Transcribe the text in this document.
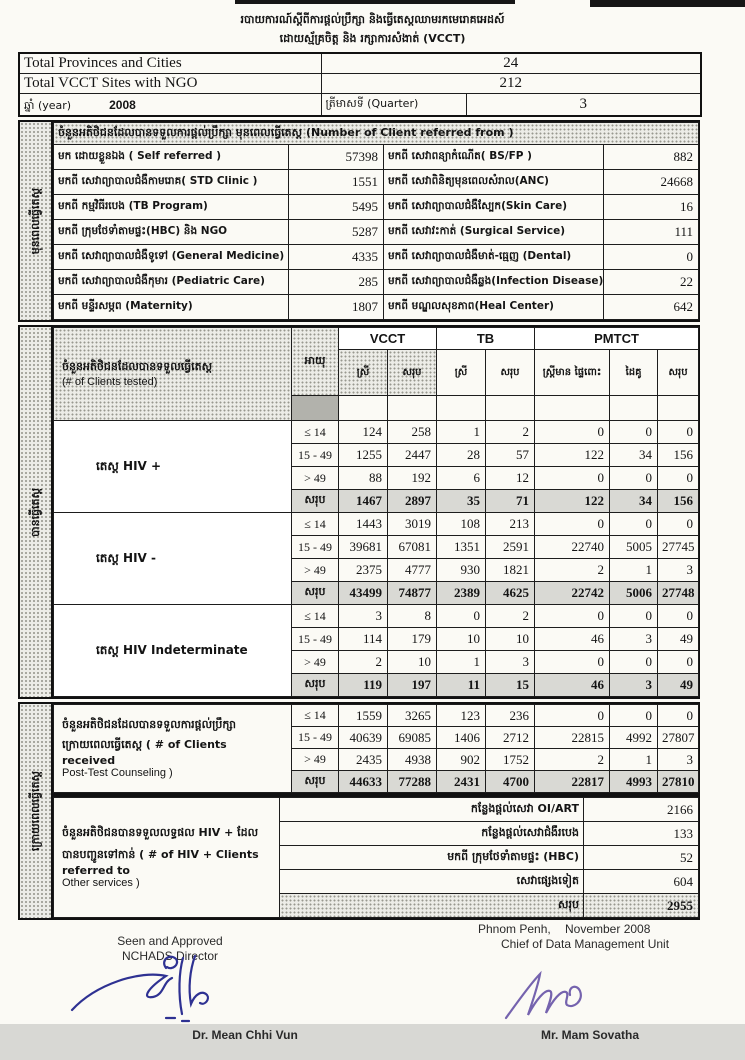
របាយការណ៍ស្តីពីការផ្តល់ប្រឹក្សា និងធ្វើតេស្តឈាមរកមេរោគអេដស៍
ដោយស្ម័គ្រចិត្ត និង រក្សាការសំងាត់ (VCCT)
Total Provinces and Cities	24	
Total VCCT Sites with NGO	212	
ឆ្នាំ (year) 2008	ត្រីមាសទី (Quarter)	3
មុនពេលធ្វើតេស្ត
ចំនួនអតិថិជនដែលបានទទួលការផ្តល់ប្រឹក្សា មុនពេលធ្វើតេស្ត (Number of Client referred from )			
មក ដោយខ្លួនឯង ( Self referred )	57398	មកពី សេវាពន្យាកំណើត( BS/FP )	882
មកពី សេវាព្យាបាលជំងឺកាមរោគ( STD Clinic )	1551	មកពី សេវាពិនិត្យមុនពេលសំរាល(ANC)	24668
មកពី កម្មវិធីរបេង (TB Program)	5495	មកពី សេវាព្យាបាលជំងឺស្បែក(Skin Care)	16
មកពី ក្រុមថែទាំតាមផ្ទះ(HBC) និង NGO	5287	មកពី សេវាវះកាត់ (Surgical Service)	111
មកពី សេវាព្យាបាលជំងឺទូទៅ (General Medicine)	4335	មកពី សេវាព្យាបាលជំងឺមាត់-ធ្មេញ (Dental)	0
មកពី សេវាព្យាបាលជំងឺកុមារ (Pediatric Care)	285	មកពី សេវាព្យាបាលជំងឺឆ្លង(Infection Disease)	22
មកពី មន្ទីរសម្ភព (Maternity)	1807	មកពី មណ្ឌលសុខភាព(Heal Center)	642
បានធ្វើតេស្ត
ចំនួនអតិថិជនដែលបានទទួលធ្វើតេស្ត
(# of Clients tested)	អាយុ	VCCT		TB		PMTCT		
		ស្រី	សរុប	ស្រី	សរុប	ស្ត្រីមាន ផ្ទៃពោះ	ដៃគូ	សរុប

តេស្ត HIV +	≤ 14	124	258	1	2	0	0	0
	15 - 49	1255	2447	28	57	122	34	156
	> 49	88	192	6	12	0	0	0
	សរុប	1467	2897	35	71	122	34	156
តេស្ត HIV -	≤ 14	1443	3019	108	213	0	0	0
	15 - 49	39681	67081	1351	2591	22740	5005	27745
	> 49	2375	4777	930	1821	2	1	3
	សរុប	43499	74877	2389	4625	22742	5006	27748
តេស្ត HIV Indeterminate	≤ 14	3	8	0	2	0	0	0
	15 - 49	114	179	10	10	46	3	49
	> 49	2	10	1	3	0	0	0
	សរុប	119	197	11	15	46	3	49
ក្រោយពេលធ្វើតេស្ត
ចំនួនអតិថិជនដែលបានទទួលការផ្តល់ប្រឹក្សា
ក្រោយពេលធ្វើតេស្ត ( # of Clients received
Post-Test Counseling )	≤ 14	1559	3265	123	236	0	0	0
	15 - 49	40639	69085	1406	2712	22815	4992	27807
	> 49	2435	4938	902	1752	2	1	3
	សរុប	44633	77288	2431	4700	22817	4993	27810
ចំនួនអតិថិជនបានទទួលលទ្ធផល HIV + ដែល
បានបញ្ជូនទៅកាន់ ( # of HIV + Clients referred to
Other services )	កន្លែងផ្តល់សេវា OI/ART	2166
	កន្លែងផ្តល់សេវាជំងឺរបេង	133
	មកពី ក្រុមថែទាំតាមផ្ទះ (HBC)	52
	សេវាផ្សេងទៀត	604
	សរុប	2955
Phnom Penh, November 2008
Chief of Data Management Unit
Seen and Approved
NCHADS Director
Dr. Mean Chhi Vun	Mr. Mam Sovatha
